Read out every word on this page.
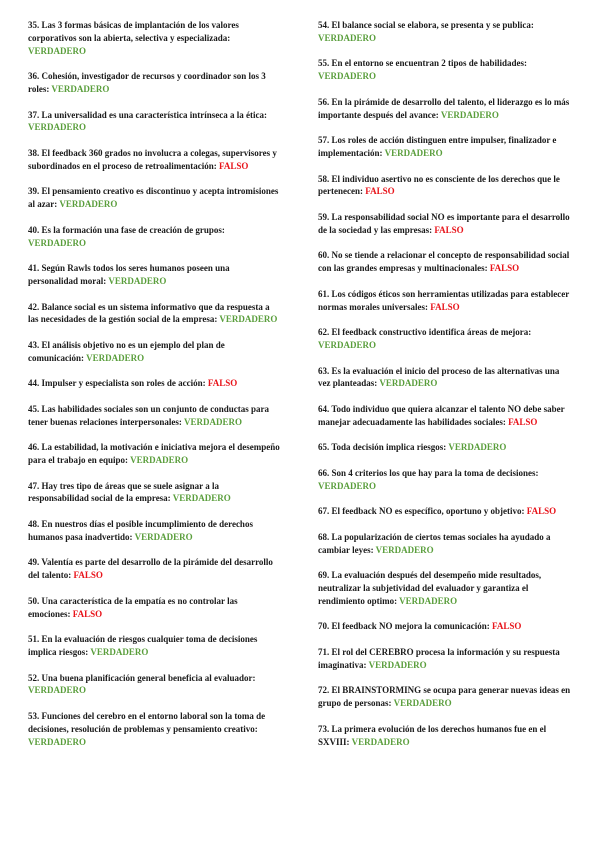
35. Las 3 formas básicas de implantación de los valores corporativos son la abierta, selectiva y especializada: VERDADERO

36. Cohesión, investigador de recursos y coordinador son los 3 roles: VERDADERO

37. La universalidad es una característica intrínseca a la ética: VERDADERO

38. El feedback 360 grados no involucra a colegas, supervisores y subordinados en el proceso de retroalimentación: FALSO

39. El pensamiento creativo es discontinuo y acepta intromisiones al azar: VERDADERO

40. Es la formación una fase de creación de grupos: VERDADERO

41. Según Rawls todos los seres humanos poseen una personalidad moral: VERDADERO

42. Balance social es un sistema informativo que da respuesta a las necesidades de la gestión social de la empresa: VERDADERO

43. El análisis objetivo no es un ejemplo del plan de comunicación: VERDADERO

44. Impulser y especialista son roles de acción: FALSO

45. Las habilidades sociales son un conjunto de conductas para tener buenas relaciones interpersonales: VERDADERO

46. La estabilidad, la motivación e iniciativa mejora el desempeño para el trabajo en equipo: VERDADERO

47. Hay tres tipo de áreas que se suele asignar a la responsabilidad social de la empresa: VERDADERO

48. En nuestros días el posible incumplimiento de derechos humanos pasa inadvertido: VERDADERO

49. Valentía es parte del desarrollo de la pirámide del desarrollo del talento: FALSO

50. Una característica de la empatía es no controlar las emociones: FALSO

51. En la evaluación de riesgos cualquier toma de decisiones implica riesgos: VERDADERO

52. Una buena planificación general beneficia al evaluador: VERDADERO

53. Funciones del cerebro en el entorno laboral son la toma de decisiones, resolución de problemas y pensamiento creativo: VERDADERO

54. El balance social se elabora, se presenta y se publica: VERDADERO

55. En el entorno se encuentran 2 tipos de habilidades: VERDADERO

56. En la pirámide de desarrollo del talento, el liderazgo es lo más importante después del avance: VERDADERO

57. Los roles de acción distinguen entre impulser, finalizador e implementación: VERDADERO

58. El individuo asertivo no es consciente de los derechos que le pertenecen: FALSO

59. La responsabilidad social NO es importante para el desarrollo de la sociedad y las empresas: FALSO

60. No se tiende a relacionar el concepto de responsabilidad social con las grandes empresas y multinacionales: FALSO

61. Los códigos éticos son herramientas utilizadas para establecer normas morales universales: FALSO

62. El feedback constructivo identifica áreas de mejora: VERDADERO

63. Es la evaluación el inicio del proceso de las alternativas una vez planteadas: VERDADERO

64. Todo individuo que quiera alcanzar el talento NO debe saber manejar adecuadamente las habilidades sociales: FALSO

65. Toda decisión implica riesgos: VERDADERO

66. Son 4 criterios los que hay para la toma de decisiones: VERDADERO

67. El feedback NO es específico, oportuno y objetivo: FALSO

68. La popularización de ciertos temas sociales ha ayudado a cambiar leyes: VERDADERO

69. La evaluación después del desempeño mide resultados, neutralizar la subjetividad del evaluador y garantiza el rendimiento optimo: VERDADERO

70. El feedback NO mejora la comunicación: FALSO

71. El rol del CEREBRO procesa la información y su respuesta imaginativa: VERDADERO

72. El BRAINSTORMING se ocupa para generar nuevas ideas en grupo de personas: VERDADERO

73. La primera evolución de los derechos humanos fue en el SXVIII: VERDADERO
